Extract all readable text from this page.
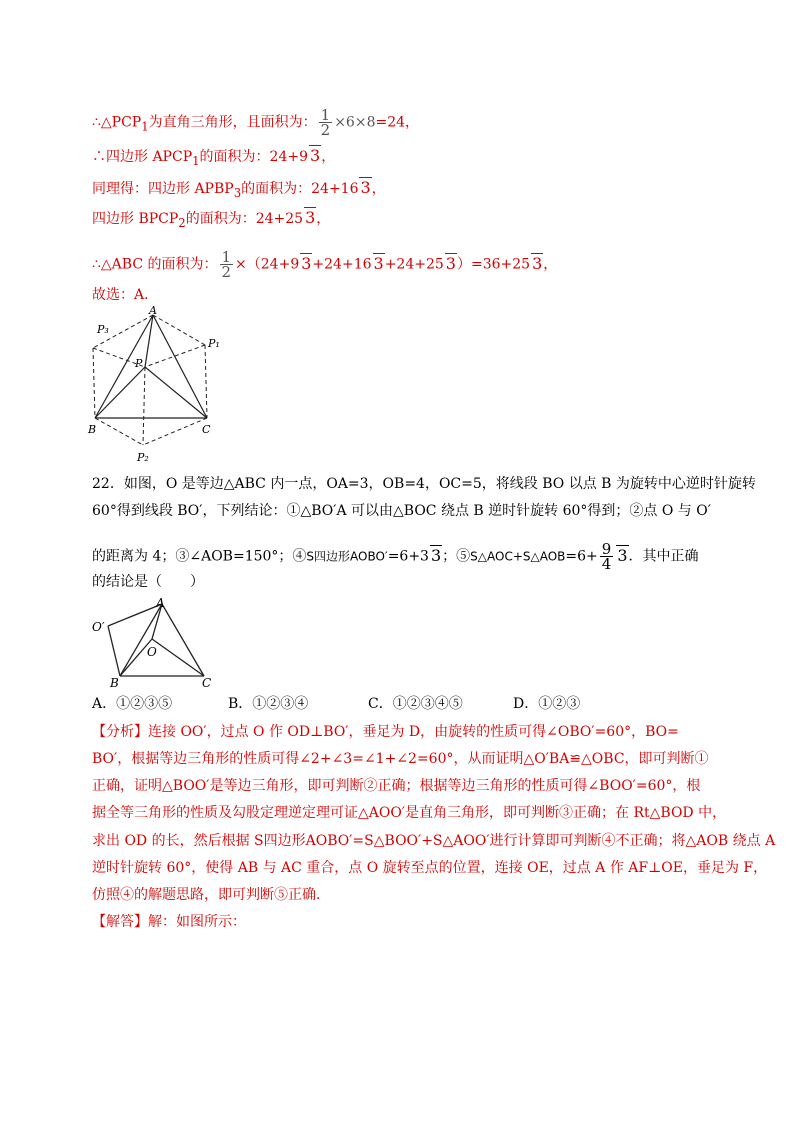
$\therefore\triangle PCP_1$为直角三角形，且面积为： $\frac{1}{2} \times 6\times 8=24$，
∴四边形 $APCP_1$的面积为：24+9 3，
同理得：四边形 $APBP_3$的面积为：24+16 3，
四边形 $BPCP_2$的面积为：24+25 3，
∴△ABC 的面积为： $\frac{1}{2} \times(24+9$ 3+24+16 3+24+25 3）=36+25 3，
故选：A．
A
P₃
P₁
P
B	C
P₂
22．如图，O 是等边△ABC 内一点，OA=3，OB=4，OC=5，将线段 BO 以点 B 为旋转中心逆时针旋转
60°得到线段 BO′，下列结论：①△BO′A 可以由△BOC 绕点 B 逆时针旋转 60°得到；②点 O 与 O′
的距离为 4；③∠AOB=150°；④S四边形AOBO′=6+3 3；⑤S△AOC+S△AOB=6+ $\frac{9}{4} 3$．其中正确
的结论是（　　）
A
O′
O
B	C
A．①②③⑤	B．①②③④	C．①②③④⑤	D．①②③
【分析】连接 OO′，过点 O 作 OD⊥BO′，垂足为 D，由旋转的性质可得∠OBO′=60°，BO=
BO′，根据等边三角形的性质可得∠2+∠3=∠1+∠2=60°，从而证明△O′BA≌△OBC，即可判断①
正确，证明△BOO′是等边三角形，即可判断②正确；根据等边三角形的性质可得∠BOO′=60°，根
据全等三角形的性质及勾股定理逆定理可证△AOO′是直角三角形，即可判断③正确；在 Rt△BOD 中，
求出 OD 的长，然后根据 S四边形AOBO′=S△BOO′+S△AOO′进行计算即可判断④不正确；将△AOB 绕点 A
逆时针旋转 60°，使得 AB 与 AC 重合，点 O 旋转至点的位置，连接 OE，过点 A 作 AF⊥OE，垂足为 F，
仿照④的解题思路，即可判断⑤正确．
【解答】解：如图所示：
